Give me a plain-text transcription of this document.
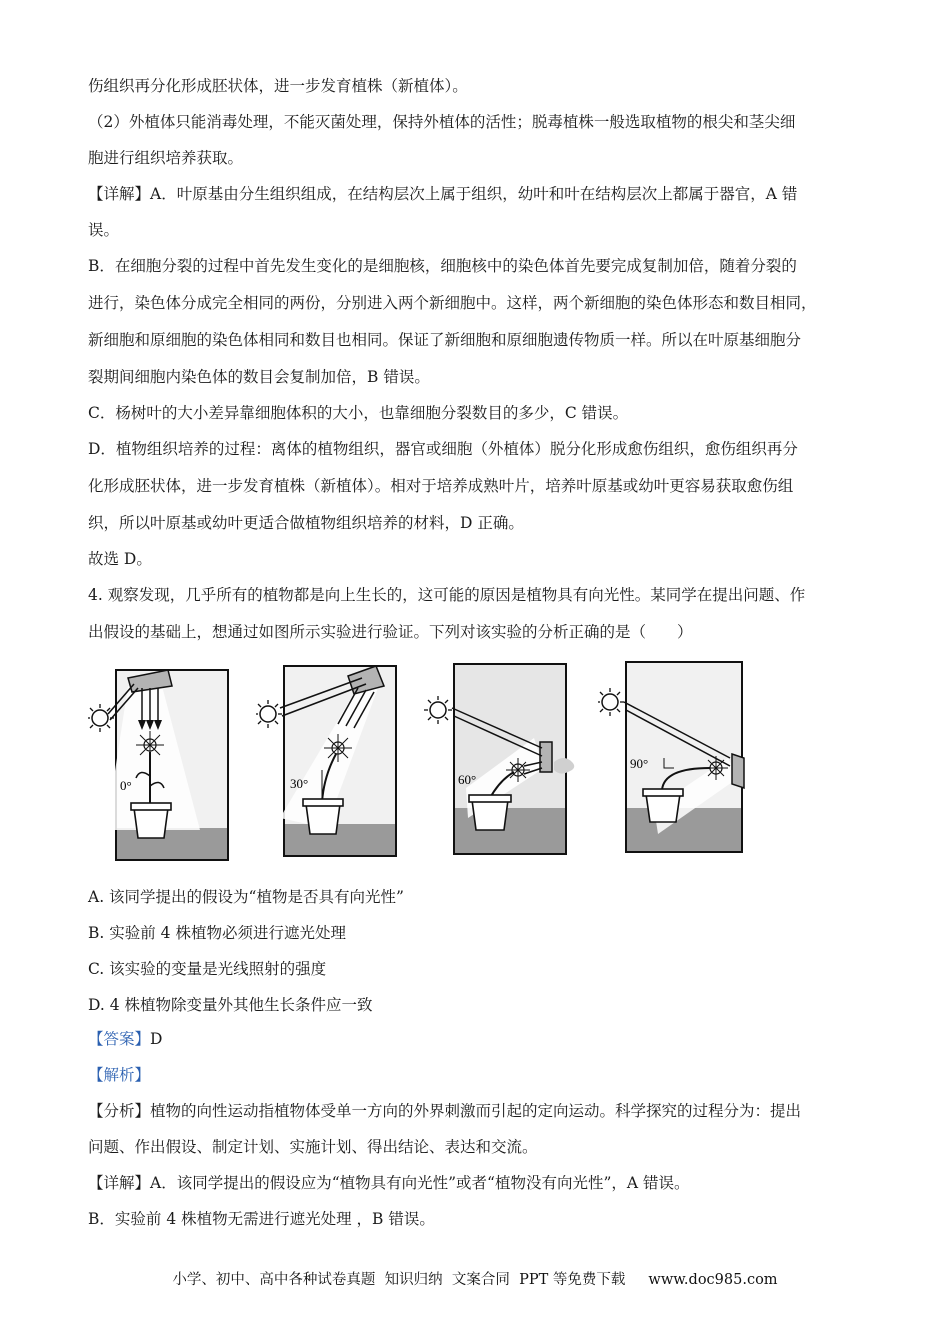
伤组织再分化形成胚状体，进一步发育植株（新植体）。
（2）外植体只能消毒处理，不能灭菌处理，保持外植体的活性；脱毒植株一般选取植物的根尖和茎尖细
胞进行组织培养获取。
【详解】A．叶原基由分生组织组成，在结构层次上属于组织，幼叶和叶在结构层次上都属于器官，A 错
误。
B．在细胞分裂的过程中首先发生变化的是细胞核，细胞核中的染色体首先要完成复制加倍，随着分裂的
进行，染色体分成完全相同的两份，分别进入两个新细胞中。这样，两个新细胞的染色体形态和数目相同，
新细胞和原细胞的染色体相同和数目也相同。保证了新细胞和原细胞遗传物质一样。所以在叶原基细胞分
裂期间细胞内染色体的数目会复制加倍，B 错误。
C．杨树叶的大小差异靠细胞体积的大小，也靠细胞分裂数目的多少，C 错误。
D．植物组织培养的过程：离体的植物组织，器官或细胞（外植体）脱分化形成愈伤组织，愈伤组织再分
化形成胚状体，进一步发育植株（新植体）。相对于培养成熟叶片，培养叶原基或幼叶更容易获取愈伤组
织，所以叶原基或幼叶更适合做植物组织培养的材料，D 正确。
故选 D。
4. 观察发现，几乎所有的植物都是向上生长的，这可能的原因是植物具有向光性。某同学在提出问题、作
出假设的基础上，想通过如图所示实验进行验证。下列对该实验的分析正确的是（　　）
0°	30°	60°
90°
A. 该同学提出的假设为“植物是否具有向光性”
B. 实验前 4 株植物必须进行遮光处理
C. 该实验的变量是光线照射的强度
D. 4 株植物除变量外其他生长条件应一致
【答案】D
【解析】
【分析】植物的向性运动指植物体受单一方向的外界刺激而引起的定向运动。科学探究的过程分为：提出
问题、作出假设、制定计划、实施计划、得出结论、表达和交流。
【详解】A．该同学提出的假设应为“植物具有向光性”或者“植物没有向光性”，A 错误。
B．实验前 4 株植物无需进行遮光处理 ，B 错误。
小学、初中、高中各种试卷真题  知识归纳  文案合同  PPT 等免费下载     www.doc985.com
